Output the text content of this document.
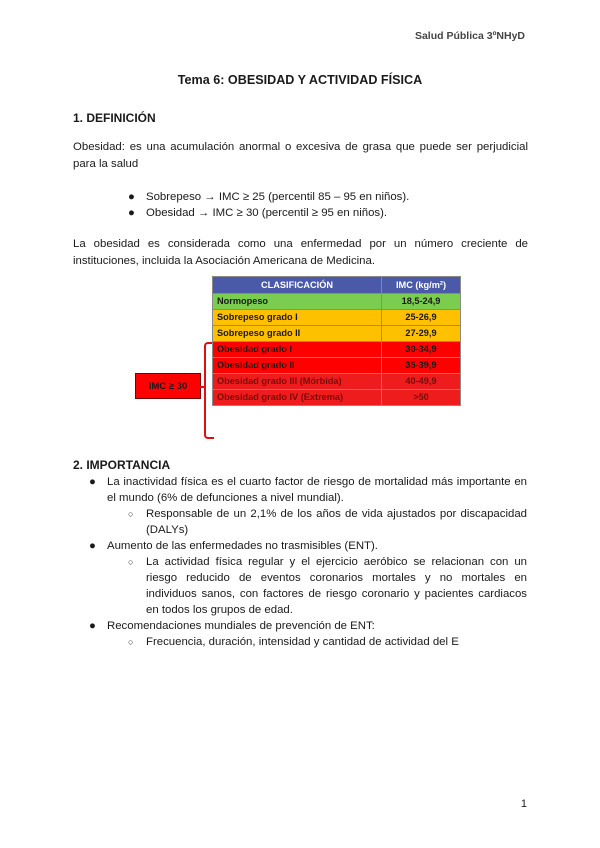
Salud Pública 3ºNHyD
Tema 6: OBESIDAD Y ACTIVIDAD FÍSICA
1. DEFINICIÓN
Obesidad: es una acumulación anormal o excesiva de grasa que puede ser perjudicial para la salud
● Sobrepeso → IMC ≥ 25 (percentil 85 – 95 en niños).
● Obesidad → IMC ≥ 30 (percentil ≥ 95 en niños).
La obesidad es considerada como una enfermedad por un número creciente de instituciones, incluida la Asociación Americana de Medicina.
IMC ≥ 30
CLASIFICACIÓN	IMC (kg/m²)
Normopeso	18,5-24,9
Sobrepeso grado I	25-26,9
Sobrepeso grado II	27-29,9
Obesidad grado I	30-34,9
Obesidad grado II	35-39,9
Obesidad grado III (Mórbida)	40-49,9
Obesidad grado IV (Extrema)	>50
2. IMPORTANCIA
● La inactividad física es el cuarto factor de riesgo de mortalidad más importante en el mundo (6% de defunciones a nivel mundial).
○ Responsable de un 2,1% de los años de vida ajustados por discapacidad (DALYs)
● Aumento de las enfermedades no trasmisibles (ENT).
○ La actividad física regular y el ejercicio aeróbico se relacionan con un riesgo reducido de eventos coronarios mortales y no mortales en individuos sanos, con factores de riesgo coronario y pacientes cardiacos en todos los grupos de edad.
● Recomendaciones mundiales de prevención de ENT:
○ Frecuencia, duración, intensidad y cantidad de actividad del E
1
